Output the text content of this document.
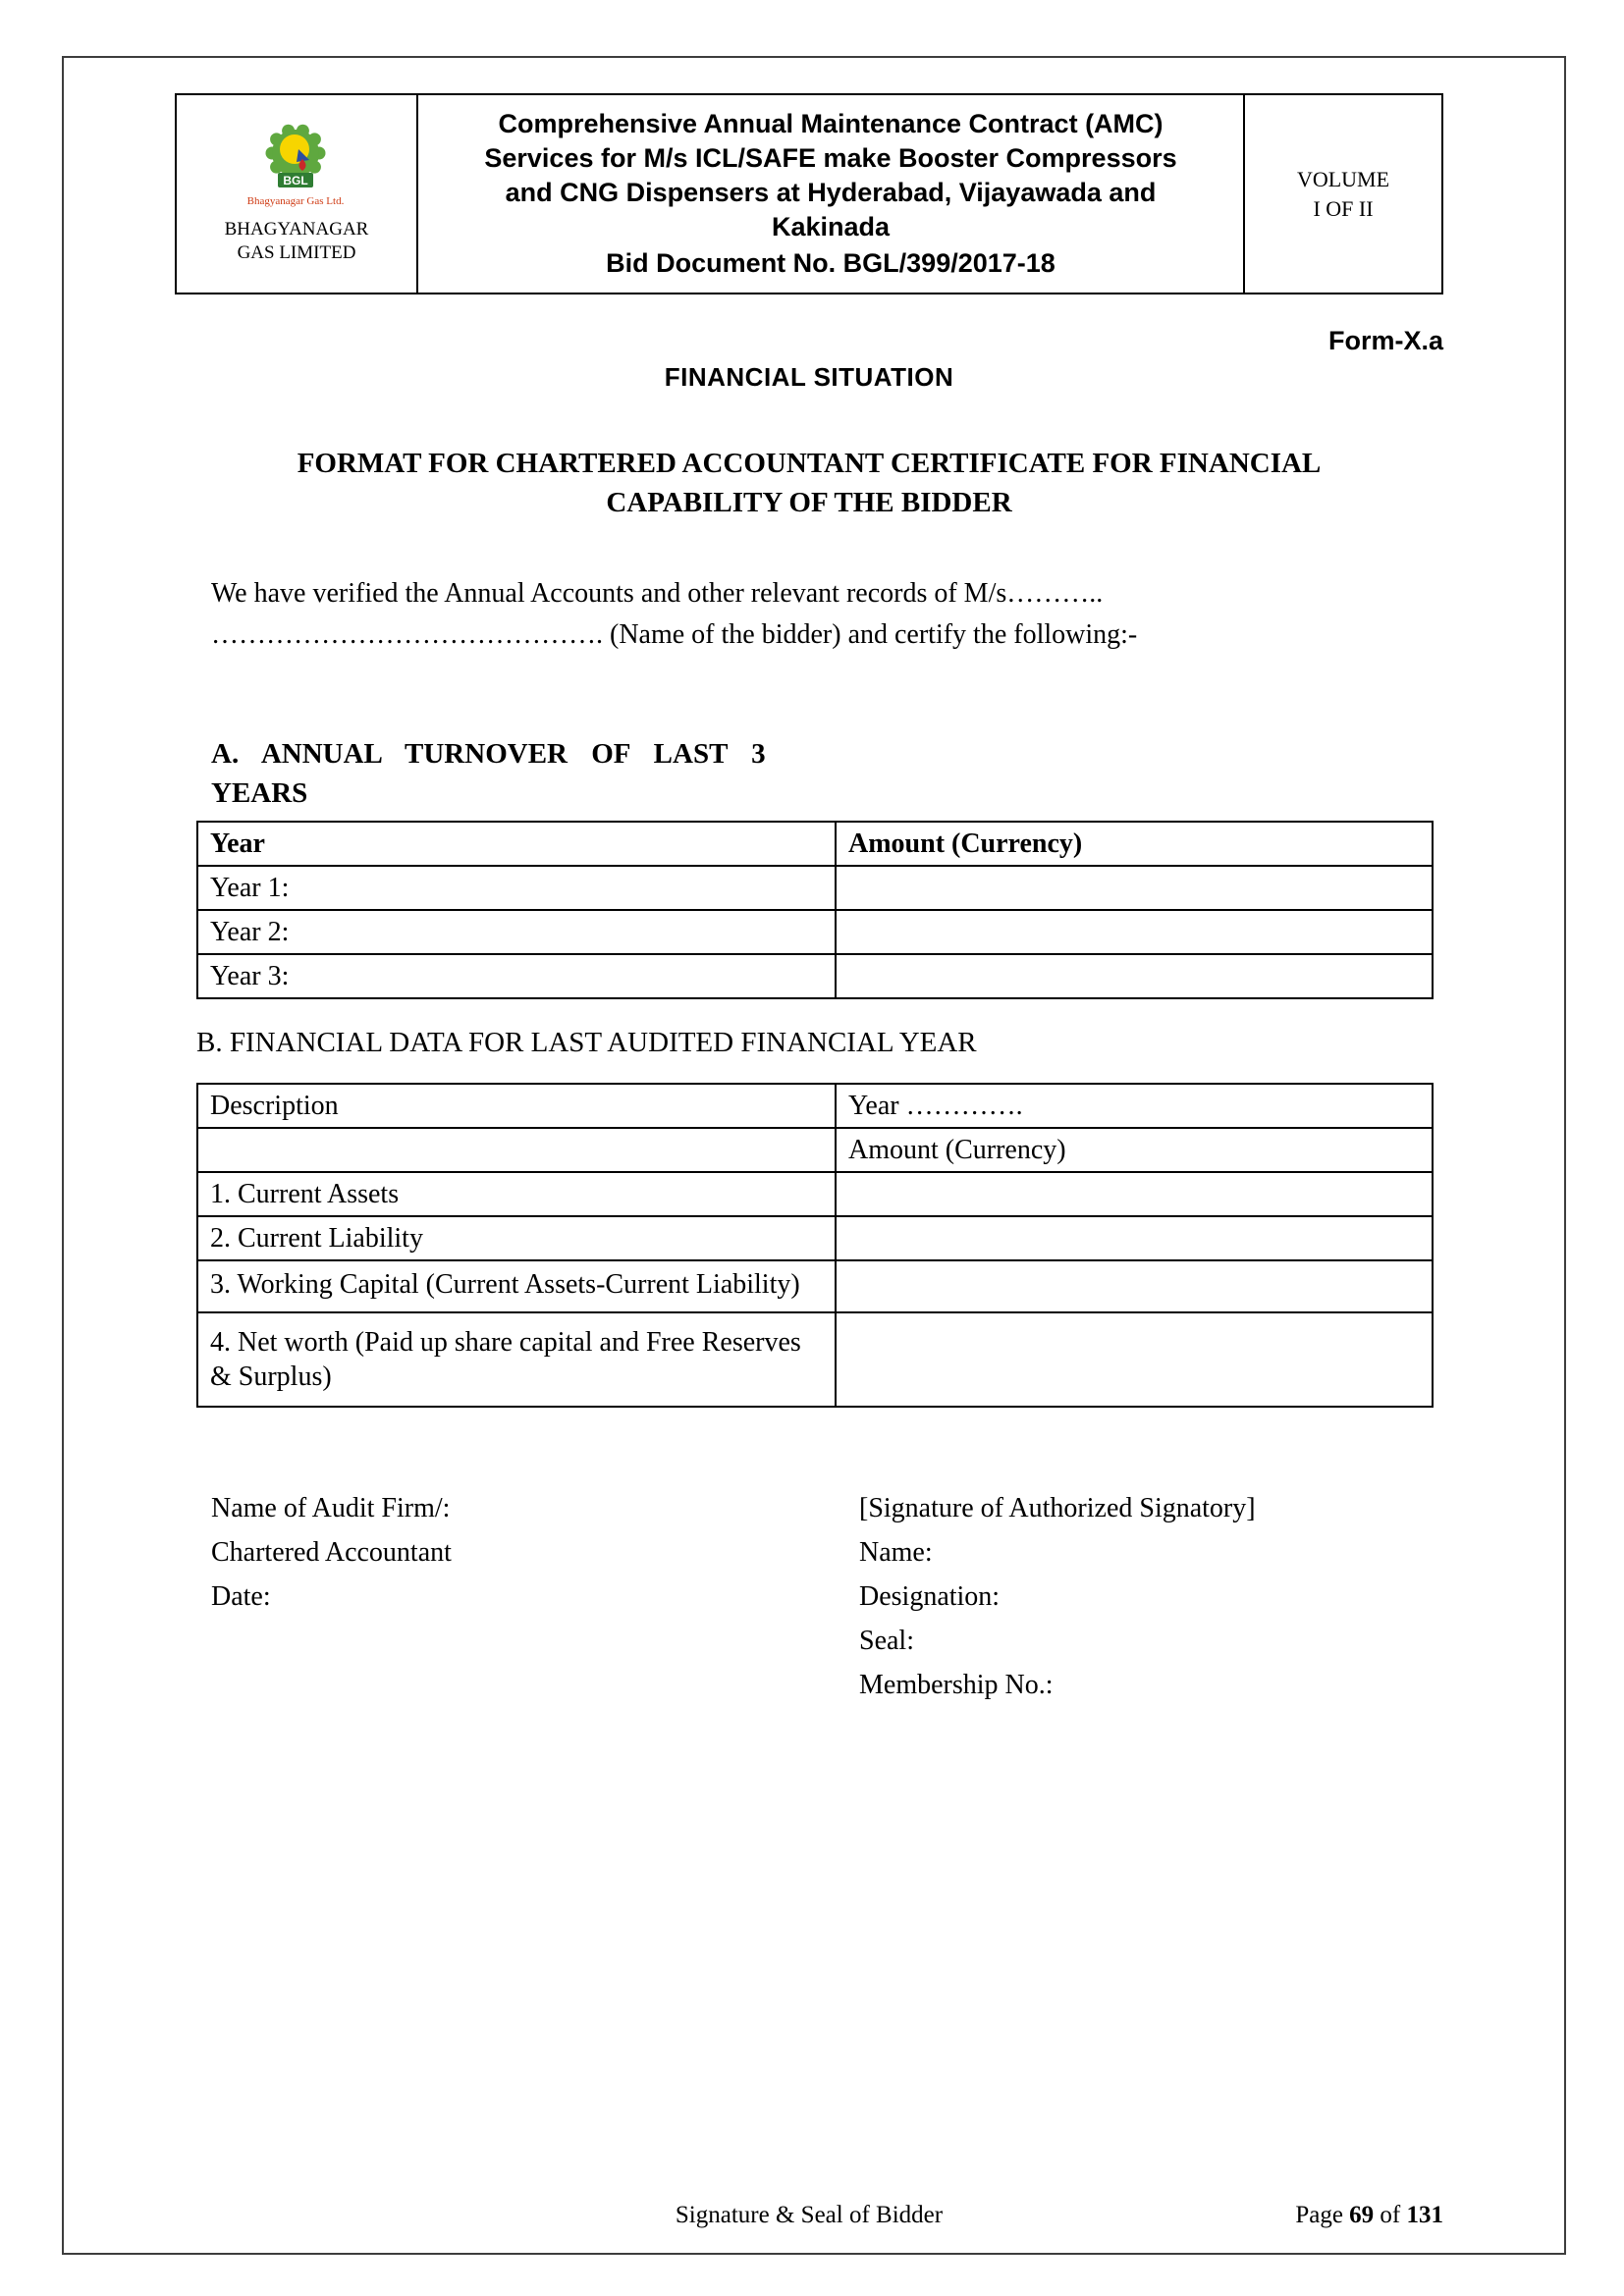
BGL
Bhagyanagar Gas Ltd.
BHAGYANAGAR
GAS LIMITED

Comprehensive Annual Maintenance Contract (AMC)
Services for M/s ICL/SAFE make Booster Compressors
and CNG Dispensers at Hyderabad, Vijayawada and
Kakinada
Bid Document No. BGL/399/2017-18

VOLUME
I OF II
Form-X.a
FINANCIAL SITUATION
FORMAT FOR CHARTERED ACCOUNTANT CERTIFICATE FOR FINANCIAL
CAPABILITY OF THE BIDDER
We have verified the Annual Accounts and other relevant records of M/s………..
……………………………………. (Name of the bidder) and certify the following:-
A. ANNUAL TURNOVER OF LAST 3
YEARS
Year	Amount (Currency)
Year 1:	
Year 2:	
Year 3:	
B. FINANCIAL DATA FOR LAST AUDITED FINANCIAL YEAR
Description	Year ………….
	Amount (Currency)
1. Current Assets	
2. Current Liability	
3. Working Capital (Current Assets-Current Liability)	
4. Net worth (Paid up share capital and Free Reserves & Surplus)	
Name of Audit Firm/:
Chartered Accountant
Date:
[Signature of Authorized Signatory]
Name:
Designation:
Seal:
Membership No.:
Signature & Seal of Bidder	Page 69 of 131
